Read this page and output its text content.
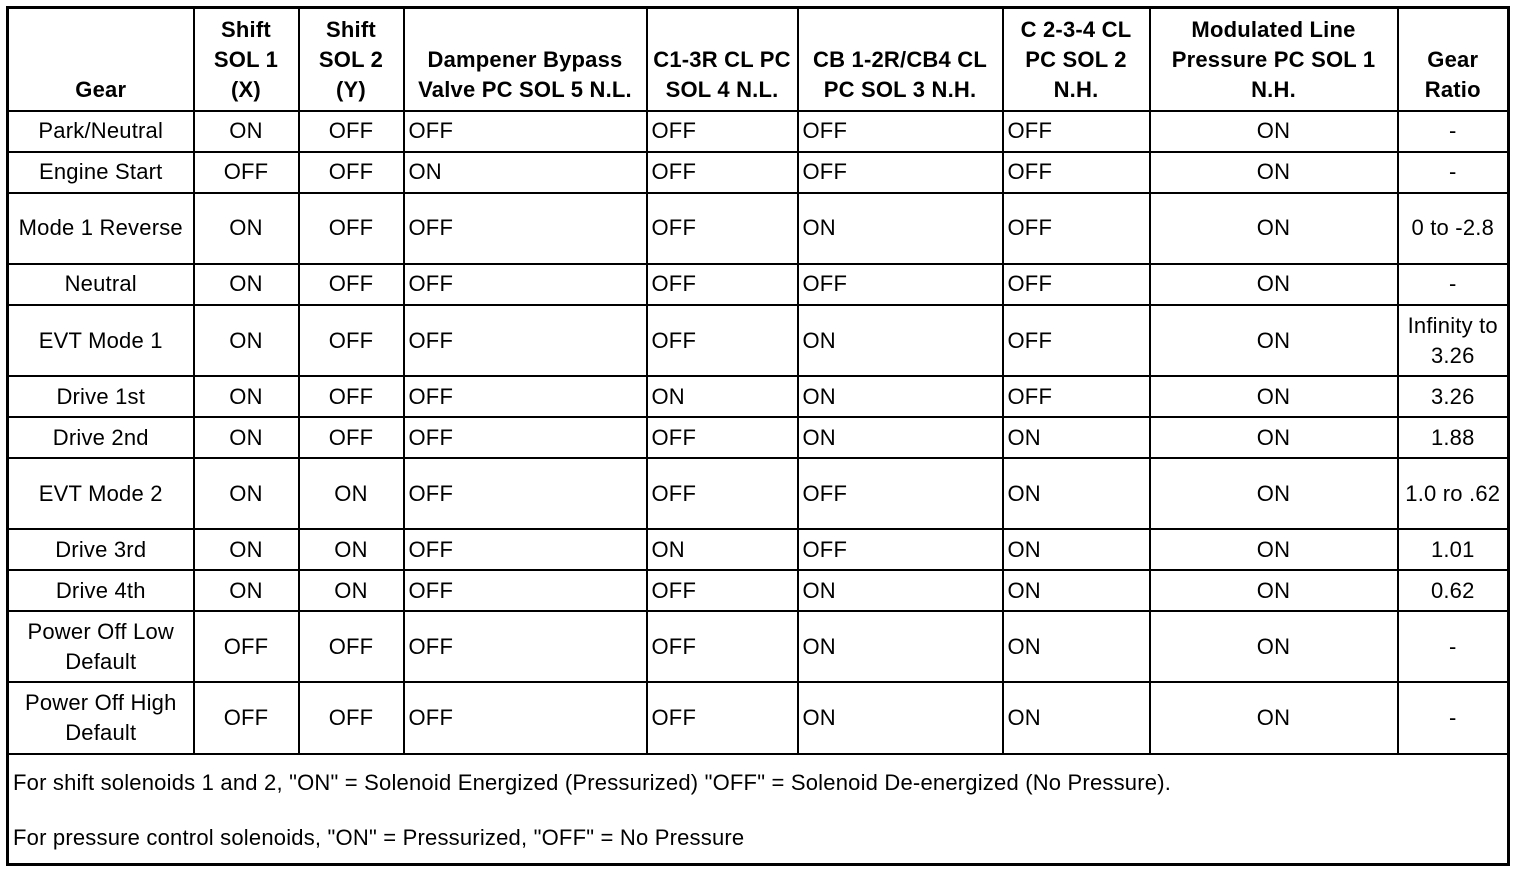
Gear	Shift SOL 1 (X)	Shift SOL 2 (Y)	Dampener Bypass Valve PC SOL 5 N.L.	C1-3R CL PC SOL 4 N.L.	CB 1-2R/CB4 CL PC SOL 3 N.H.	C 2-3-4 CL PC SOL 2 N.H.	Modulated Line Pressure PC SOL 1 N.H.	Gear Ratio
Park/Neutral	ON	OFF	OFF	OFF	OFF	OFF	ON	-
Engine Start	OFF	OFF	ON	OFF	OFF	OFF	ON	-
Mode 1 Reverse	ON	OFF	OFF	OFF	ON	OFF	ON	0 to -2.8
Neutral	ON	OFF	OFF	OFF	OFF	OFF	ON	-
EVT Mode 1	ON	OFF	OFF	OFF	ON	OFF	ON	Infinity to 3.26
Drive 1st	ON	OFF	OFF	ON	ON	OFF	ON	3.26
Drive 2nd	ON	OFF	OFF	OFF	ON	ON	ON	1.88
EVT Mode 2	ON	ON	OFF	OFF	OFF	ON	ON	1.0 ro .62
Drive 3rd	ON	ON	OFF	ON	OFF	ON	ON	1.01
Drive 4th	ON	ON	OFF	OFF	ON	ON	ON	0.62
Power Off Low Default	OFF	OFF	OFF	OFF	ON	ON	ON	-
Power Off High Default	OFF	OFF	OFF	OFF	ON	ON	ON	-

For shift solenoids 1 and 2, "ON" = Solenoid Energized (Pressurized) "OFF" = Solenoid De-energized (No Pressure).

For pressure control solenoids, "ON" = Pressurized, "OFF" = No Pressure								
